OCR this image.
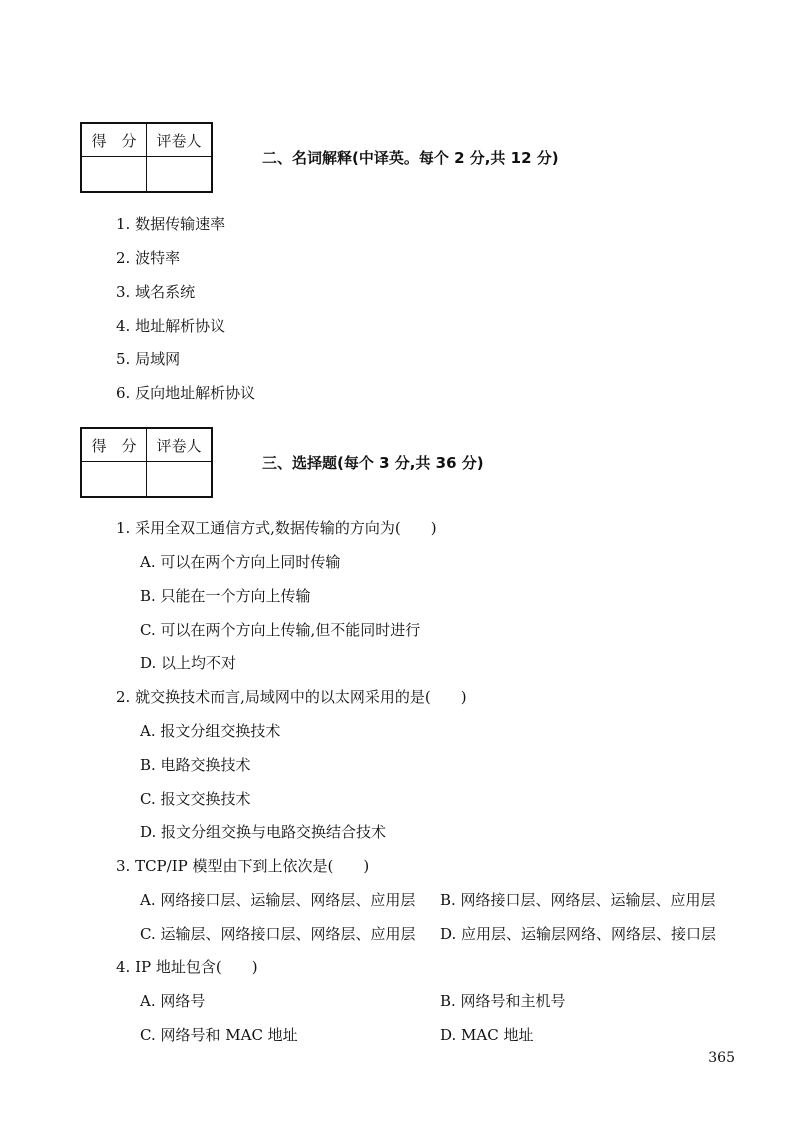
得　分	评卷人

二、名词解释(中译英。每个 2 分,共 12 分)
1. 数据传输速率
2. 波特率
3. 域名系统
4. 地址解析协议
5. 局域网
6. 反向地址解析协议
得　分	评卷人

三、选择题(每个 3 分,共 36 分)
1. 采用全双工通信方式,数据传输的方向为(　　)
A. 可以在两个方向上同时传输
B. 只能在一个方向上传输
C. 可以在两个方向上传输,但不能同时进行
D. 以上均不对
2. 就交换技术而言,局域网中的以太网采用的是(　　)
A. 报文分组交换技术
B. 电路交换技术
C. 报文交换技术
D. 报文分组交换与电路交换结合技术
3. TCP/IP 模型由下到上依次是(　　)
A. 网络接口层、运输层、网络层、应用层 B. 网络接口层、网络层、运输层、应用层
C. 运输层、网络接口层、网络层、应用层 D. 应用层、运输层网络、网络层、接口层
4. IP 地址包含(　　)
A. 网络号	B. 网络号和主机号
C. 网络号和 MAC 地址	D. MAC 地址
365
